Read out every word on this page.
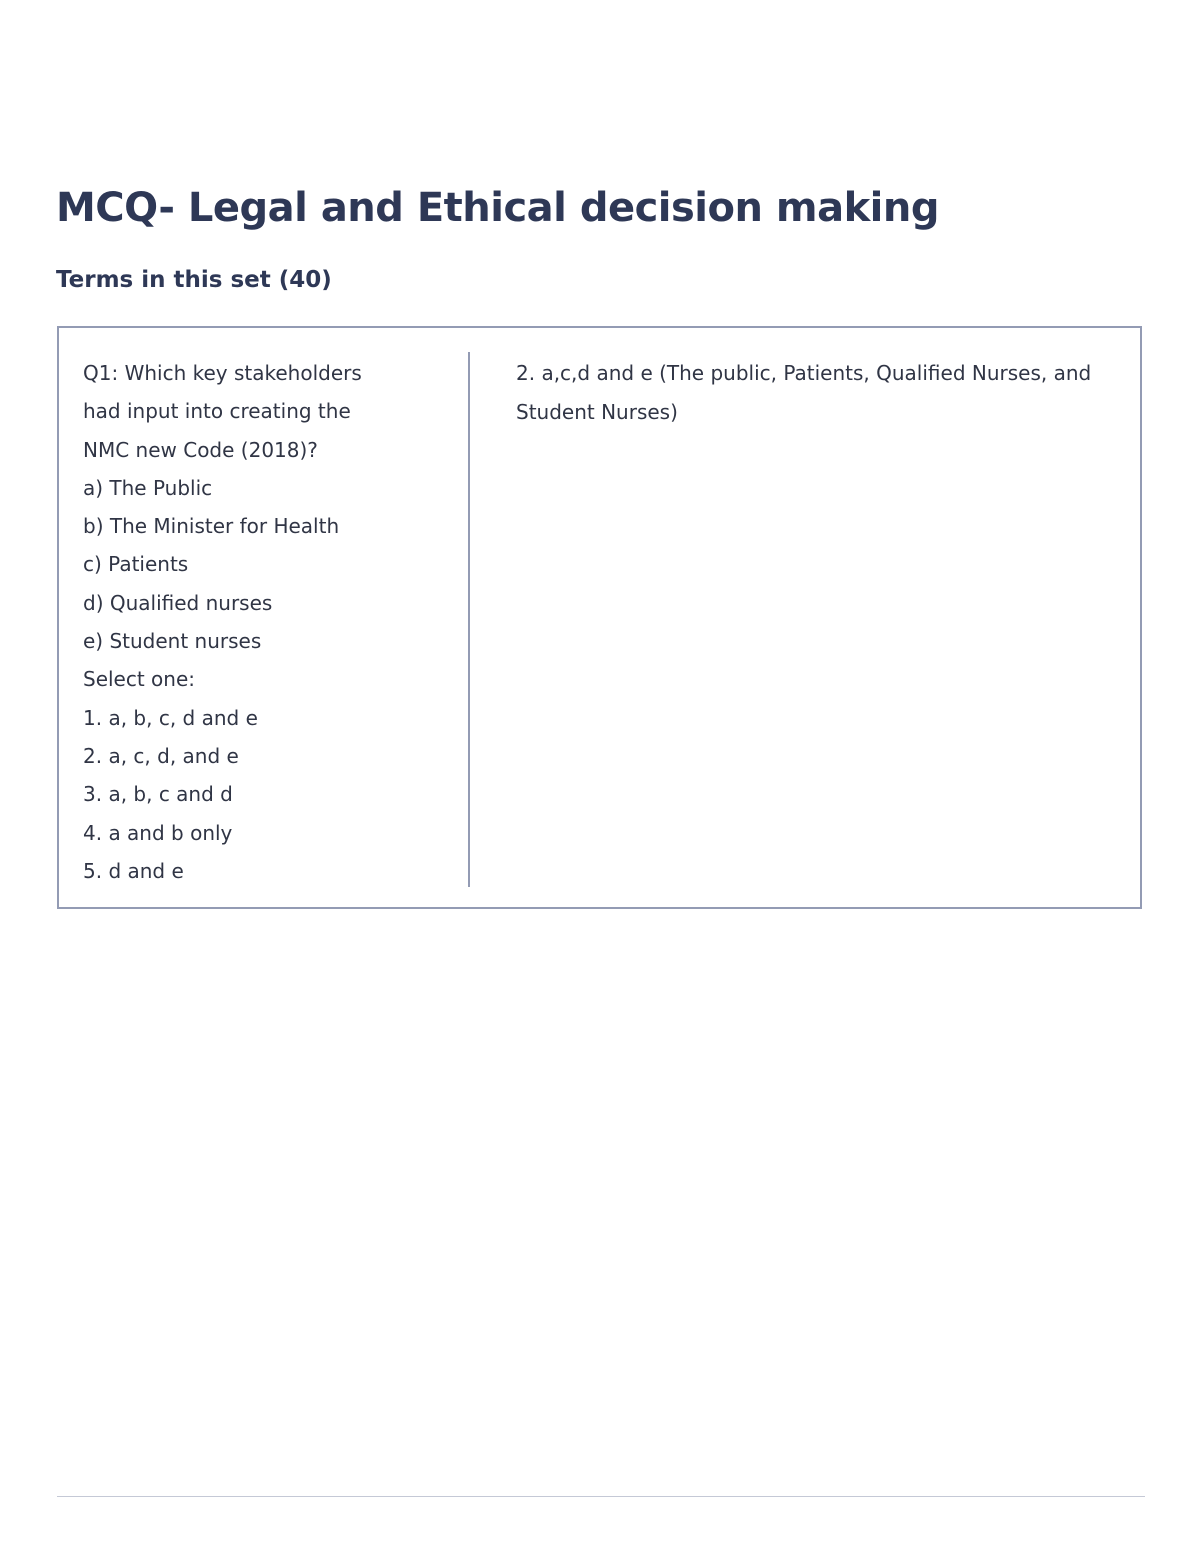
MCQ- Legal and Ethical decision making
Terms in this set (40)

Q1: Which key stakeholders

had input into creating the

NMC new Code (2018)?

a) The Public

b) The Minister for Health

c) Patients

d) Qualified nurses

e) Student nurses

Select one:

1. a, b, c, d and e

2. a, c, d, and e

3. a, b, c and d

4. a and b only

5. d and e

2. a,c,d and e (The public, Patients, Qualified Nurses, and Student Nurses)
